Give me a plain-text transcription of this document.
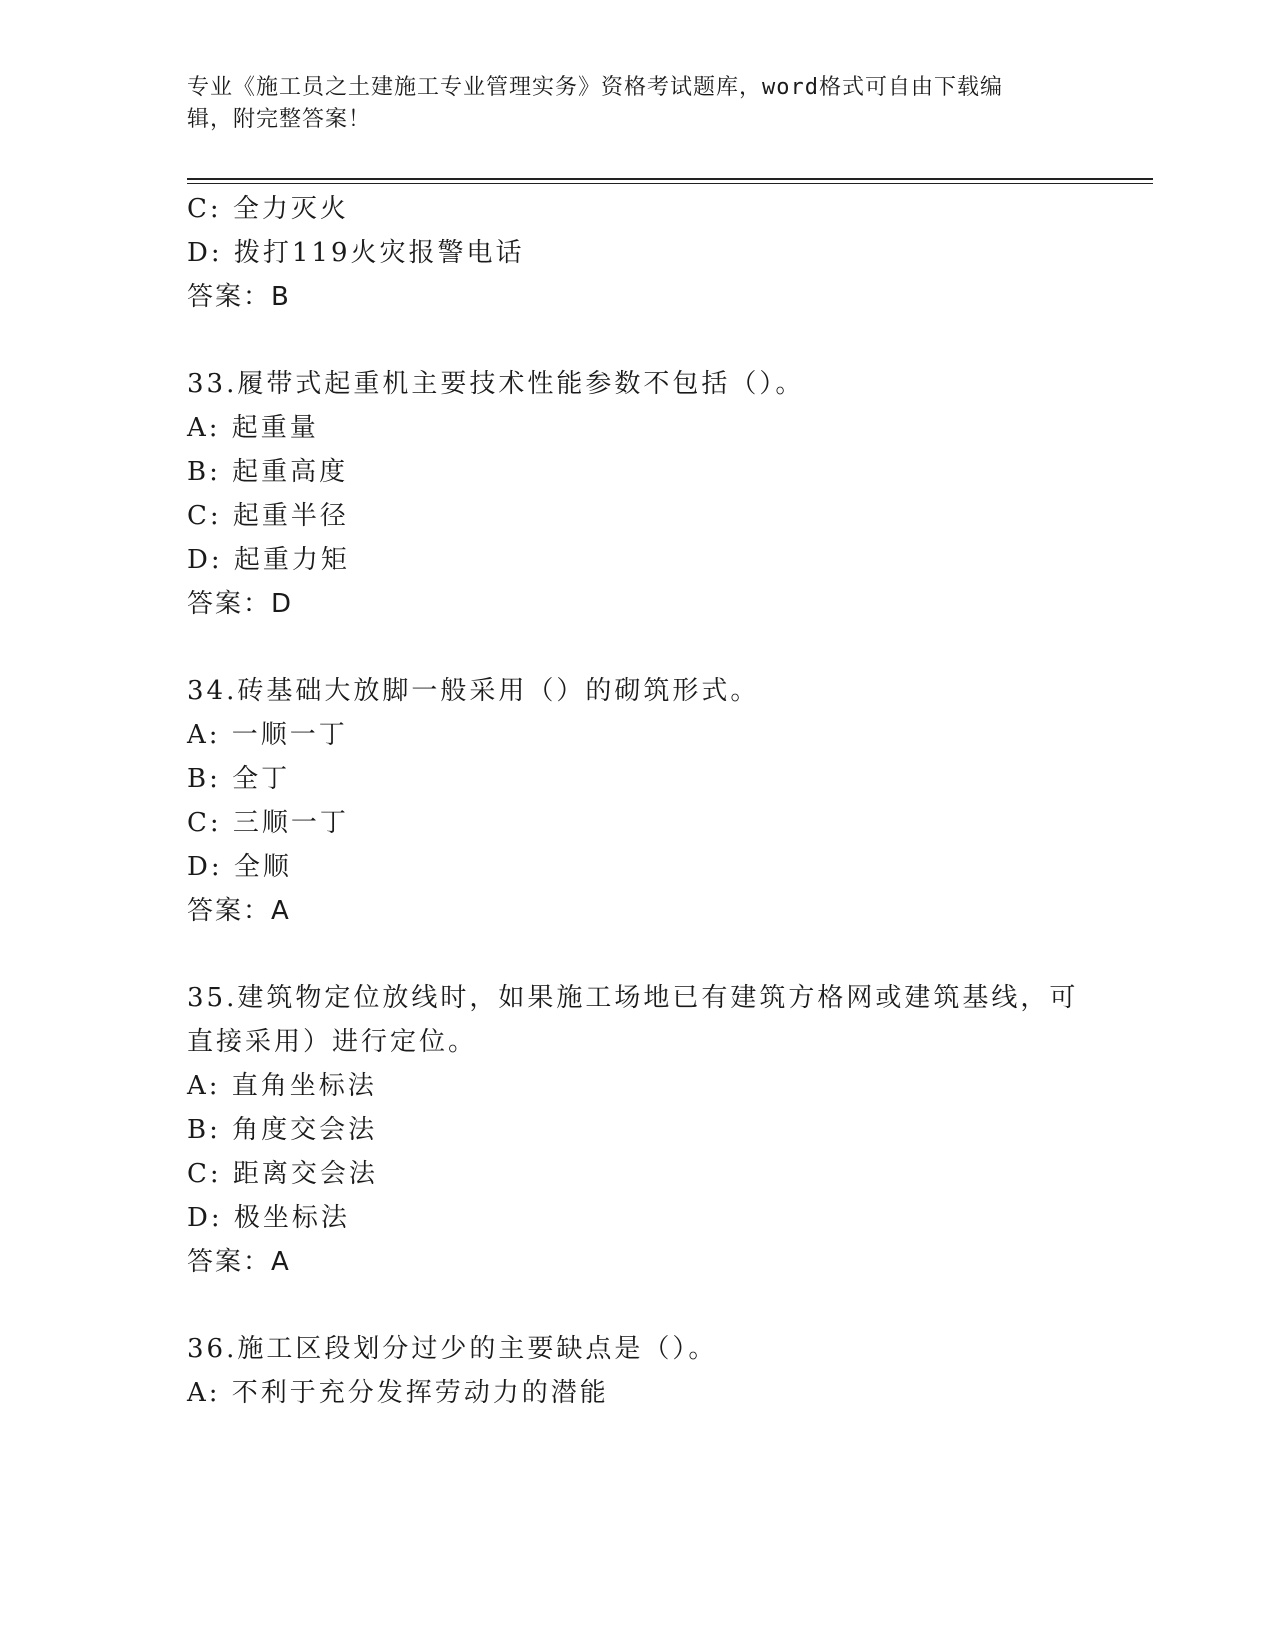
专业《施工员之土建施工专业管理实务》资格考试题库，word格式可自由下载编
辑，附完整答案！
C: 全力灭火
D: 拨打119火灾报警电话
答案：B
33.履带式起重机主要技术性能参数不包括（）。
A: 起重量
B: 起重高度
C: 起重半径
D: 起重力矩
答案：D
34.砖基础大放脚一般采用（）的砌筑形式。
A: 一顺一丁
B: 全丁
C: 三顺一丁
D: 全顺
答案：A
35.建筑物定位放线时，如果施工场地已有建筑方格网或建筑基线，可
直接采用）进行定位。
A: 直角坐标法
B: 角度交会法
C: 距离交会法
D: 极坐标法
答案：A
36.施工区段划分过少的主要缺点是（）。
A: 不利于充分发挥劳动力的潜能
